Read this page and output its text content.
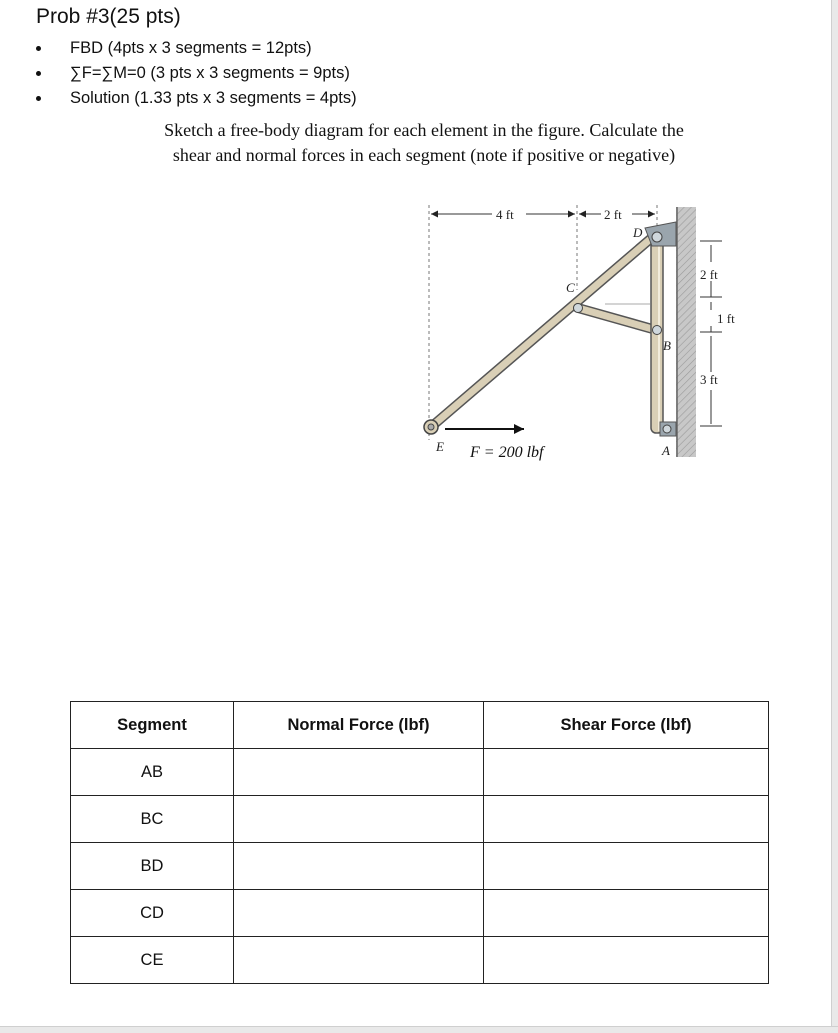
Prob #3(25 pts)
FBD (4pts x 3 segments = 12pts)
∑F=∑M=0 (3 pts x 3 segments = 9pts)
Solution (1.33 pts x 3 segments = 4pts)
Sketch a free-body diagram for each element in the figure. Calculate the
shear and normal forces in each segment (note if positive or negative)
2 ft
1 ft
3 ft
4 ft	2 ft
F = 200 lbf
C
D
B
A
E
Segment	Normal Force (lbf)	Shear Force (lbf)
AB		
BC		
BD		
CD		
CE		
